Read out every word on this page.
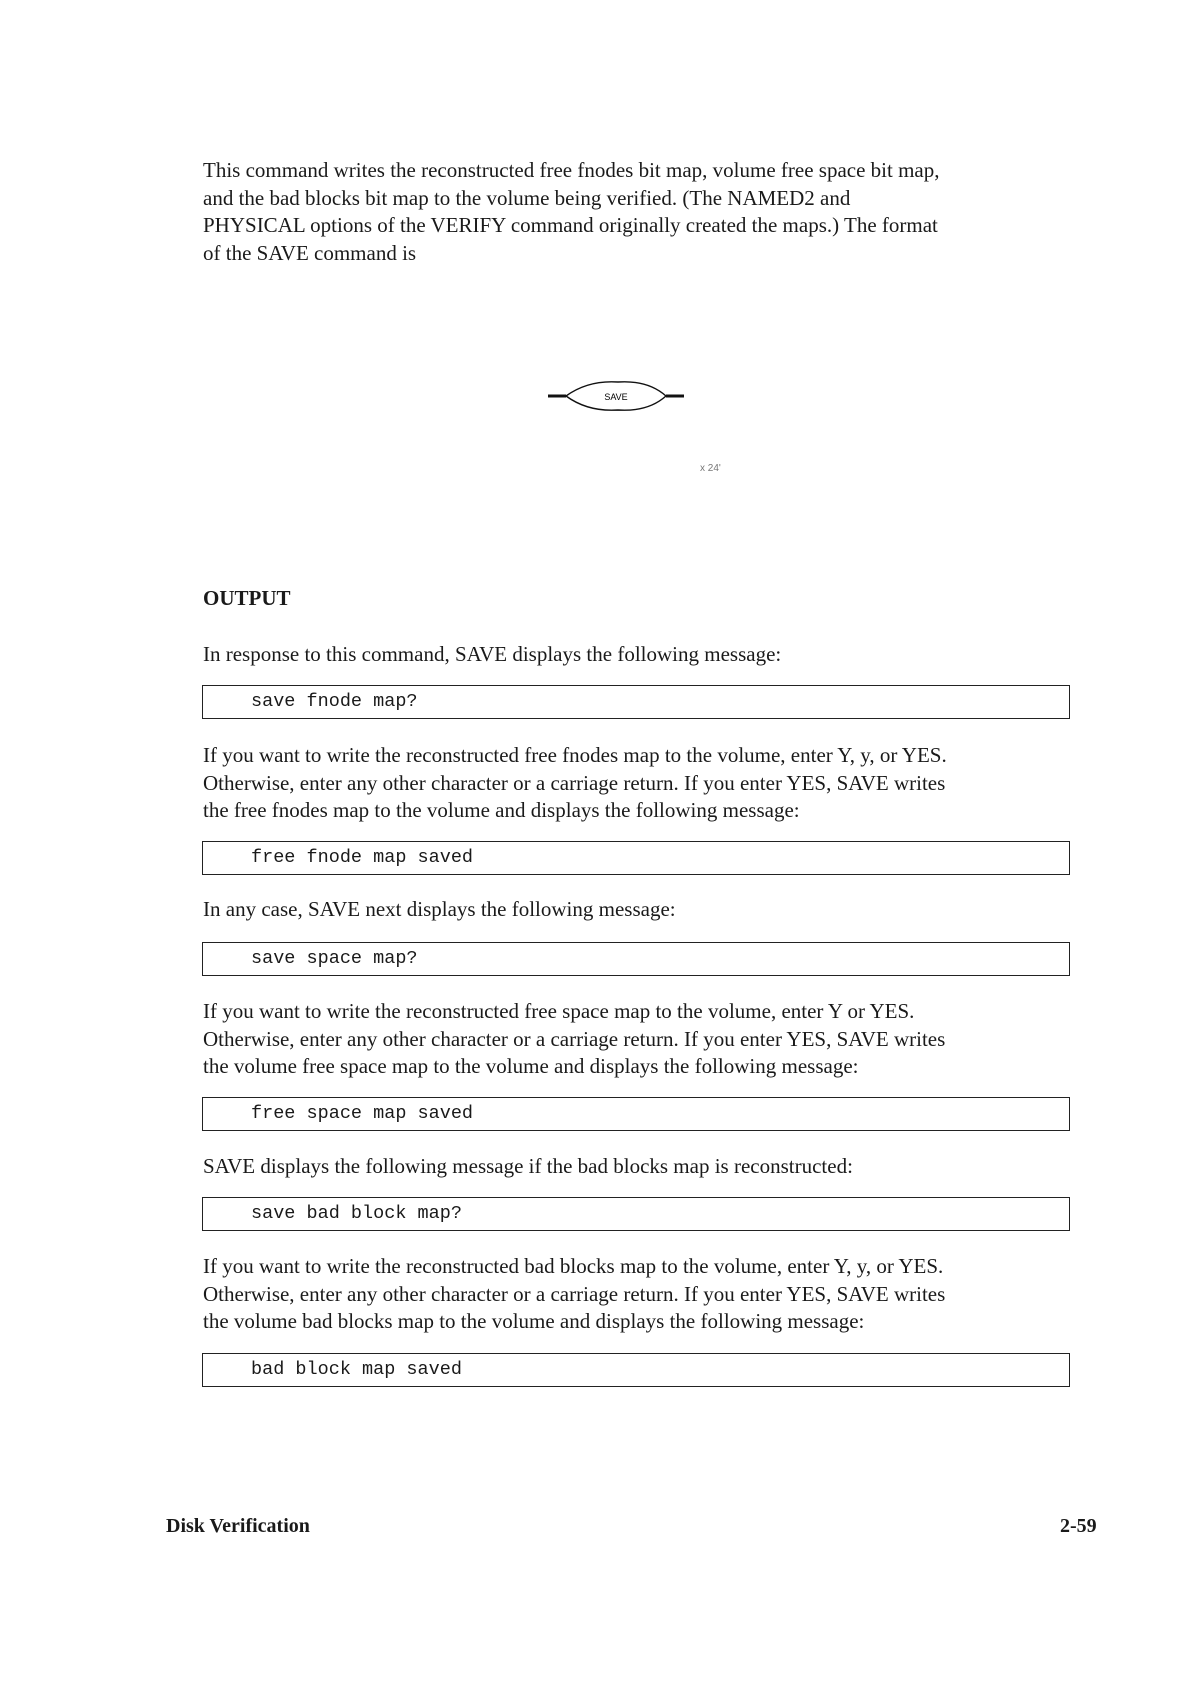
This command writes the reconstructed free fnodes bit map, volume free space bit map,
and the bad blocks bit map to the volume being verified. (The NAMED2 and
PHYSICAL options of the VERIFY command originally created the maps.) The format
of the SAVE command is

SAVE
x 24'
OUTPUT

In response to this command, SAVE displays the following message:

save fnode map?

If you want to write the reconstructed free fnodes map to the volume, enter Y, y, or YES.
Otherwise, enter any other character or a carriage return. If you enter YES, SAVE writes
the free fnodes map to the volume and displays the following message:

free fnode map saved

In any case, SAVE next displays the following message:

save space map?

If you want to write the reconstructed free space map to the volume, enter Y or YES.
Otherwise, enter any other character or a carriage return. If you enter YES, SAVE writes
the volume free space map to the volume and displays the following message:

free space map saved

SAVE displays the following message if the bad blocks map is reconstructed:

save bad block map?

If you want to write the reconstructed bad blocks map to the volume, enter Y, y, or YES.
Otherwise, enter any other character or a carriage return. If you enter YES, SAVE writes
the volume bad blocks map to the volume and displays the following message:

bad block map saved
Disk Verification	2-59
